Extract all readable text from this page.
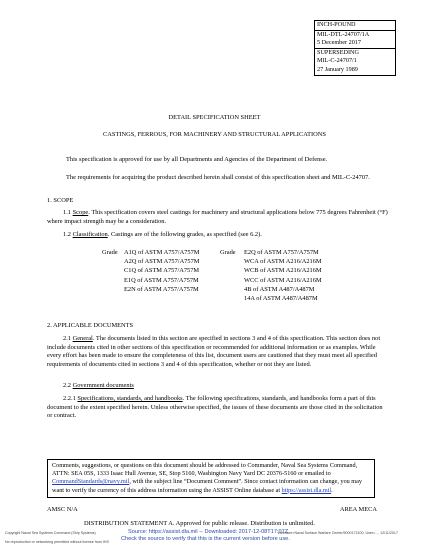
INCH-POUND
MIL-DTL-24707/1A
5 December 2017
SUPERSEDING
MIL-C-24707/1
27 January 1989
DETAIL SPECIFICATION SHEET
CASTINGS, FERROUS, FOR MACHINERY AND STRUCTURAL APPLICATIONS
This specification is approved for use by all Departments and Agencies of the Department of Defense.
The requirements for acquiring the product described herein shall consist of this specification sheet and MIL-C-24707.
1. SCOPE
1.1 Scope. This specification covers steel castings for machinery and structural applications below 775 degrees Fahrenheit (°F) where impact strength may be a consideration.
1.2 Classification. Castings are of the following grades, as specified (see 6.2).
Grade A1Q of ASTM A757/A757M
A2Q of ASTM A757/A757M
C1Q of ASTM A757/A757M
E1Q of ASTM A757/A757M
E2N of ASTM A757/A757M
Grade E2Q of ASTM A757/A757M
WCA of ASTM A216/A216M
WCB of ASTM A216/A216M
WCC of ASTM A216/A216M
4B of ASTM A487/A487M
14A of ASTM A487/A487M
2. APPLICABLE DOCUMENTS
2.1 General. The documents listed in this section are specified in sections 3 and 4 of this specification. This section does not include documents cited in other sections of this specification or recommended for additional information or as examples. While every effort has been made to ensure the completeness of this list, document users are cautioned that they must meet all specified requirements of documents cited in sections 3 and 4 of this specification, whether or not they are listed.
2.2 Government documents
2.2.1 Specifications, standards, and handbooks. The following specifications, standards, and handbooks form a part of this document to the extent specified herein. Unless otherwise specified, the issues of these documents are those cited in the solicitation or contract.
Comments, suggestions, or questions on this document should be addressed to Commander, Naval Sea Systems Command, ATTN: SEA 05S, 1333 Isaac Hull Avenue, SE, Stop 5160, Washington Navy Yard DC 20376-5160 or emailed to CommandStandards@navy.mil, with the subject line “Document Comment”. Since contact information can change, you may want to verify the currency of this address information using the ASSIST Online database at https://assist.dla.mil.
AMSC N/A	AREA MECA
DISTRIBUTION STATEMENT A. Approved for public release. Distribution is unlimited.
Copyright Naval Sea Systems Command (Ship Systems)
No reproduction or networking permitted without license from IHS
Source: https://assist.dla.mil -- Downloaded: 2017-12-08T17:07Z
Check the source to verify that this is the current version before use.
Licensee=Naval Surface Warfare Center/5000173100, User=..., 12/11/2017
